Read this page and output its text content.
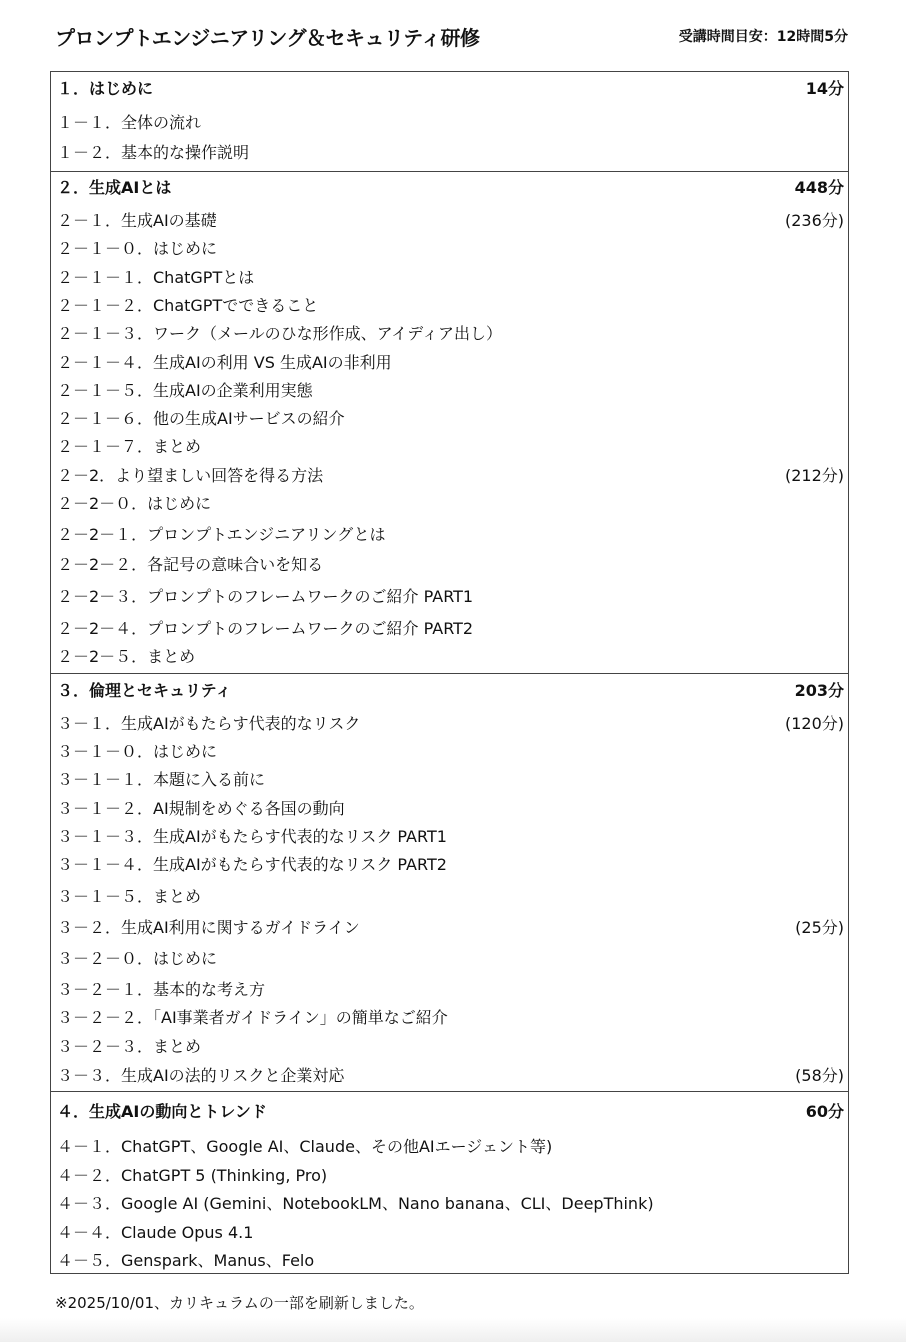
プロンプトエンジニアリング＆セキュリティ研修	受講時間目安：12時間5分
１．はじめに	14分
１－１．全体の流れ
１－２．基本的な操作説明
２．生成AIとは	448分
２－１．生成AIの基礎	(236分)
２－１－０．はじめに
２－１－１．ChatGPTとは
２－１－２．ChatGPTでできること
２－１－３．ワーク（メールのひな形作成、アイディア出し）
２－１－４．生成AIの利用 VS 生成AIの非利用
２－１－５．生成AIの企業利用実態
２－１－６．他の生成AIサービスの紹介
２－１－７．まとめ
２－2．より望ましい回答を得る方法	(212分)
２－2－０．はじめに
２－2－１．プロンプトエンジニアリングとは
２－2－２．各記号の意味合いを知る
２－2－３．プロンプトのフレームワークのご紹介 PART1
２－2－４．プロンプトのフレームワークのご紹介 PART2
２－2－５．まとめ
３．倫理とセキュリティ	203分
３－１．生成AIがもたらす代表的なリスク	(120分)
３－１－０．はじめに
３－１－１．本題に入る前に
３－１－２．AI規制をめぐる各国の動向
３－１－３．生成AIがもたらす代表的なリスク PART1
３－１－４．生成AIがもたらす代表的なリスク PART2
３－１－５．まとめ
３－２．生成AI利用に関するガイドライン	(25分)
３－２－０．はじめに
３－２－１．基本的な考え方
３－２－２．「AI事業者ガイドライン」の簡単なご紹介
３－２－３．まとめ
３－３．生成AIの法的リスクと企業対応	(58分)
４．生成AIの動向とトレンド	60分
４－１．ChatGPT、Google AI、Claude、その他AIエージェント等)
４－２．ChatGPT 5 (Thinking, Pro)
４－３．Google AI (Gemini、NotebookLM、Nano banana、CLI、DeepThink)
４－４．Claude Opus 4.1
４－５．Genspark、Manus、Felo
※2025/10/01、カリキュラムの一部を刷新しました。
